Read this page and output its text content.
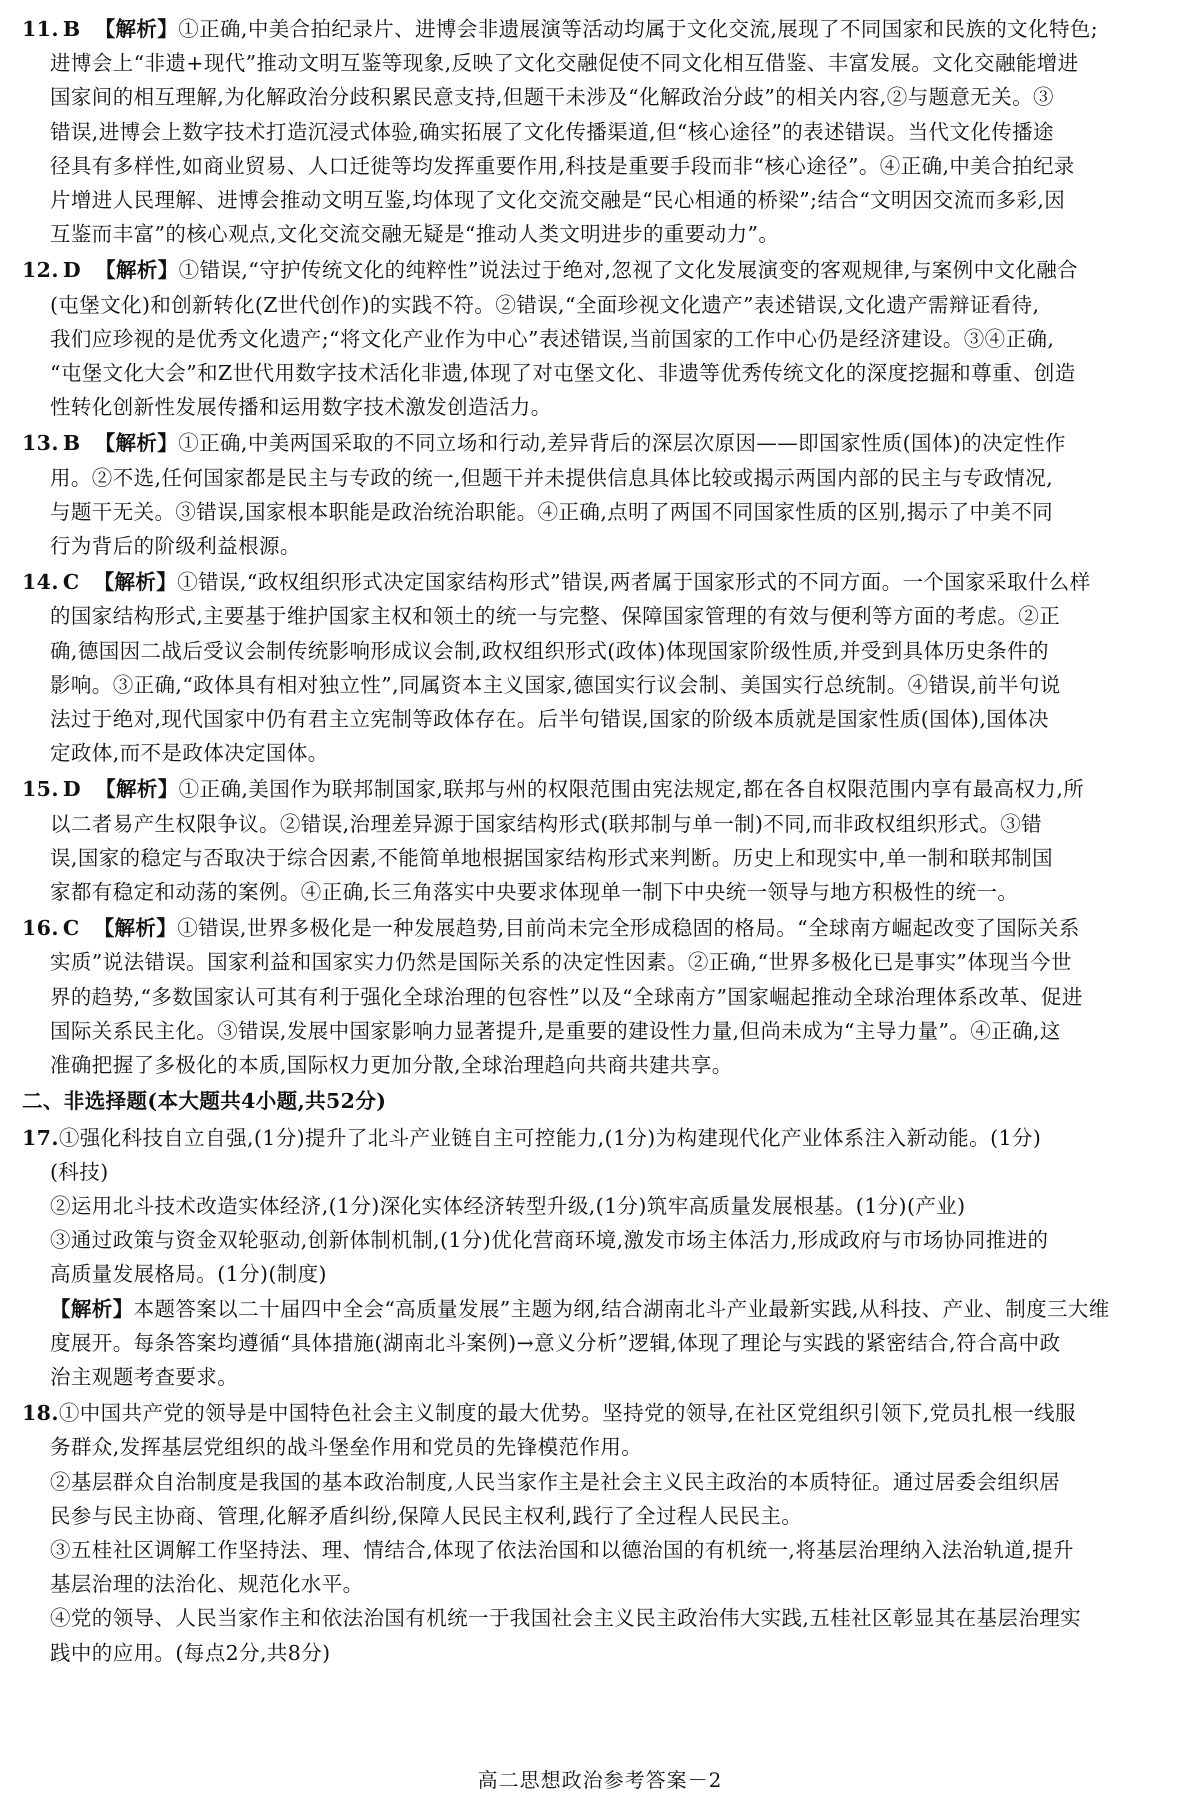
11. B 【解析】①正确,中美合拍纪录片、进博会非遗展演等活动均属于文化交流,展现了不同国家和民族的文化特色;

进博会上“非遗+现代”推动文明互鉴等现象,反映了文化交融促使不同文化相互借鉴、丰富发展。文化交融能增进

国家间的相互理解,为化解政治分歧积累民意支持,但题干未涉及“化解政治分歧”的相关内容,②与题意无关。③

错误,进博会上数字技术打造沉浸式体验,确实拓展了文化传播渠道,但“核心途径”的表述错误。当代文化传播途

径具有多样性,如商业贸易、人口迁徙等均发挥重要作用,科技是重要手段而非“核心途径”。④正确,中美合拍纪录

片增进人民理解、进博会推动文明互鉴,均体现了文化交流交融是“民心相通的桥梁”;结合“文明因交流而多彩,因

互鉴而丰富”的核心观点,文化交流交融无疑是“推动人类文明进步的重要动力”。

12. D 【解析】①错误,“守护传统文化的纯粹性”说法过于绝对,忽视了文化发展演变的客观规律,与案例中文化融合

(屯堡文化)和创新转化(Z世代创作)的实践不符。②错误,“全面珍视文化遗产”表述错误,文化遗产需辩证看待,

我们应珍视的是优秀文化遗产;“将文化产业作为中心”表述错误,当前国家的工作中心仍是经济建设。③④正确,

“屯堡文化大会”和Z世代用数字技术活化非遗,体现了对屯堡文化、非遗等优秀传统文化的深度挖掘和尊重、创造

性转化创新性发展传播和运用数字技术激发创造活力。

13. B 【解析】①正确,中美两国采取的不同立场和行动,差异背后的深层次原因——即国家性质(国体)的决定性作

用。②不选,任何国家都是民主与专政的统一,但题干并未提供信息具体比较或揭示两国内部的民主与专政情况,

与题干无关。③错误,国家根本职能是政治统治职能。④正确,点明了两国不同国家性质的区别,揭示了中美不同

行为背后的阶级利益根源。

14. C 【解析】①错误,“政权组织形式决定国家结构形式”错误,两者属于国家形式的不同方面。一个国家采取什么样

的国家结构形式,主要基于维护国家主权和领土的统一与完整、保障国家管理的有效与便利等方面的考虑。②正

确,德国因二战后受议会制传统影响形成议会制,政权组织形式(政体)体现国家阶级性质,并受到具体历史条件的

影响。③正确,“政体具有相对独立性”,同属资本主义国家,德国实行议会制、美国实行总统制。④错误,前半句说

法过于绝对,现代国家中仍有君主立宪制等政体存在。后半句错误,国家的阶级本质就是国家性质(国体),国体决

定政体,而不是政体决定国体。

15. D 【解析】①正确,美国作为联邦制国家,联邦与州的权限范围由宪法规定,都在各自权限范围内享有最高权力,所

以二者易产生权限争议。②错误,治理差异源于国家结构形式(联邦制与单一制)不同,而非政权组织形式。③错

误,国家的稳定与否取决于综合因素,不能简单地根据国家结构形式来判断。历史上和现实中,单一制和联邦制国

家都有稳定和动荡的案例。④正确,长三角落实中央要求体现单一制下中央统一领导与地方积极性的统一。

16. C 【解析】①错误,世界多极化是一种发展趋势,目前尚未完全形成稳固的格局。“全球南方崛起改变了国际关系

实质”说法错误。国家利益和国家实力仍然是国际关系的决定性因素。②正确,“世界多极化已是事实”体现当今世

界的趋势,“多数国家认可其有利于强化全球治理的包容性”以及“全球南方”国家崛起推动全球治理体系改革、促进

国际关系民主化。③错误,发展中国家影响力显著提升,是重要的建设性力量,但尚未成为“主导力量”。④正确,这

准确把握了多极化的本质,国际权力更加分散,全球治理趋向共商共建共享。

二、非选择题(本大题共4小题,共52分)

17.①强化科技自立自强,(1分)提升了北斗产业链自主可控能力,(1分)为构建现代化产业体系注入新动能。(1分)

(科技)

②运用北斗技术改造实体经济,(1分)深化实体经济转型升级,(1分)筑牢高质量发展根基。(1分)(产业)

③通过政策与资金双轮驱动,创新体制机制,(1分)优化营商环境,激发市场主体活力,形成政府与市场协同推进的

高质量发展格局。(1分)(制度)

【解析】本题答案以二十届四中全会“高质量发展”主题为纲,结合湖南北斗产业最新实践,从科技、产业、制度三大维

度展开。每条答案均遵循“具体措施(湖南北斗案例)→意义分析”逻辑,体现了理论与实践的紧密结合,符合高中政

治主观题考查要求。

18.①中国共产党的领导是中国特色社会主义制度的最大优势。坚持党的领导,在社区党组织引领下,党员扎根一线服

务群众,发挥基层党组织的战斗堡垒作用和党员的先锋模范作用。

②基层群众自治制度是我国的基本政治制度,人民当家作主是社会主义民主政治的本质特征。通过居委会组织居

民参与民主协商、管理,化解矛盾纠纷,保障人民民主权利,践行了全过程人民民主。

③五桂社区调解工作坚持法、理、情结合,体现了依法治国和以德治国的有机统一,将基层治理纳入法治轨道,提升

基层治理的法治化、规范化水平。

④党的领导、人民当家作主和依法治国有机统一于我国社会主义民主政治伟大实践,五桂社区彰显其在基层治理实

践中的应用。(每点2分,共8分)

高二思想政治参考答案－2
